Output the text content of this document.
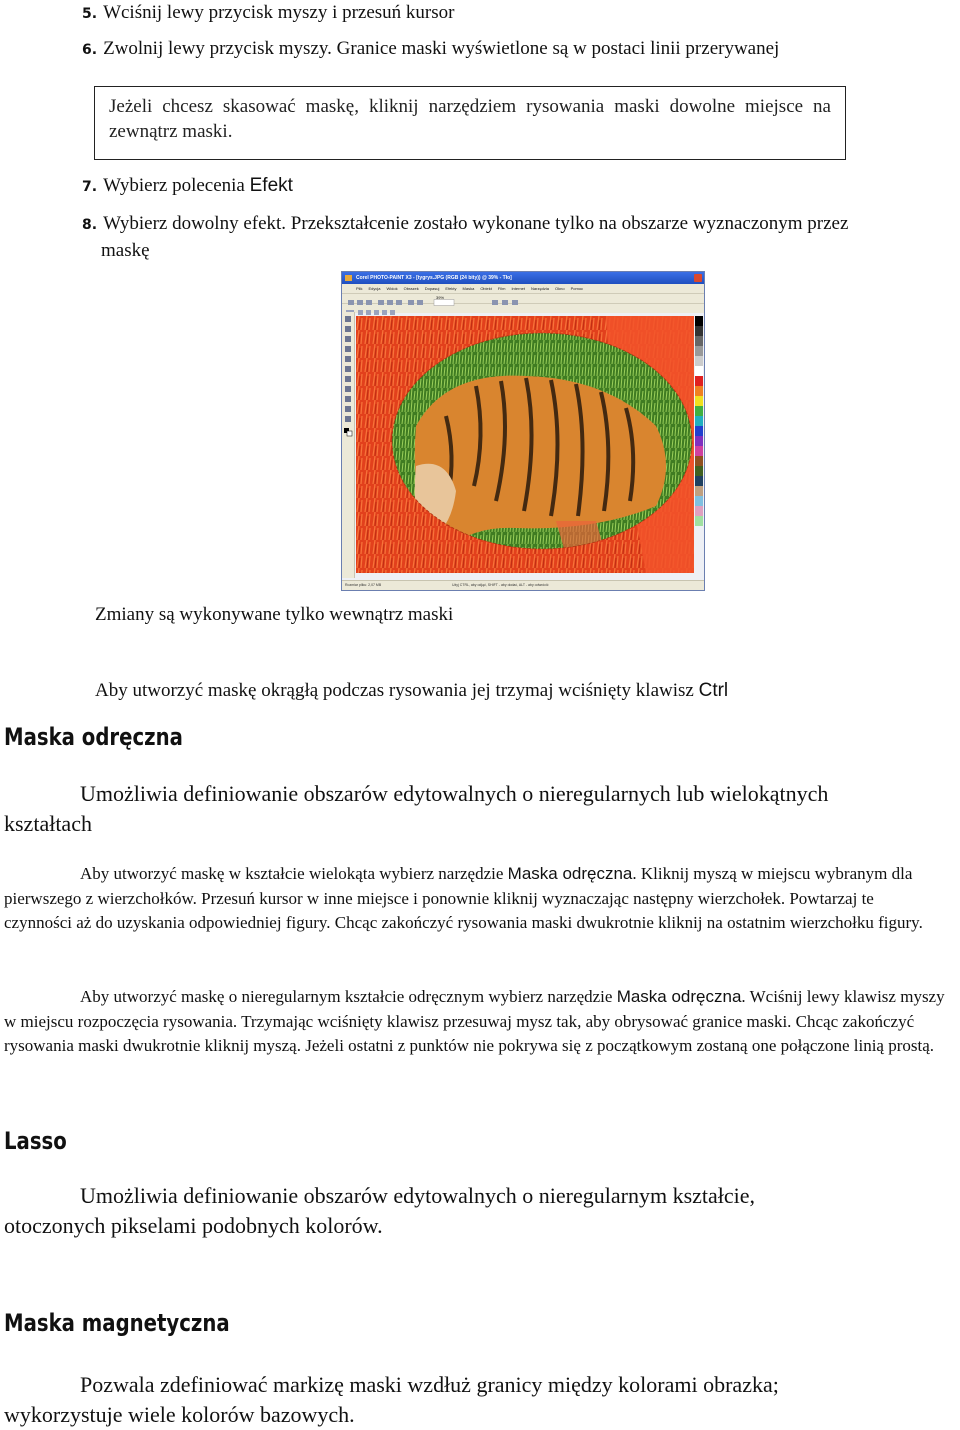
5. Wciśnij lewy przycisk myszy i przesuń kursor
6. Zwolnij lewy przycisk myszy. Granice maski wyświetlone są w postaci linii przerywanej

Jeżeli chcesz skasować maskę, kliknij narzędziem rysowania maski dowolne miejsce na zewnątrz maski.

7. Wybierz polecenia Efekt
8. Wybierz dowolny efekt. Przekształcenie zostało wykonane tylko na obszarze wyznaczonym przez
maskę
Corel PHOTO-PAINT X3 - [tygrys.JPG (RGB (24 bity)) @ 39% - Tło]
Plik Edycja Widok Obrazek Dopasuj Efekty Maska Obiekt Film Internet Narzędzia Okno Pomoc
39%
Rozmiar pliku: 2,07 MB	Użyj CTRL, aby odjąć, SHIFT - aby dodać, ALT - aby odwrócić
Zmiany są wykonywane tylko wewnątrz maski
Aby utworzyć maskę okrągłą podczas rysowania jej trzymaj wciśnięty klawisz Ctrl
Maska odręczna
Umożliwia definiowanie obszarów edytowalnych o nieregularnych lub wielokątnych
kształtach
Aby utworzyć maskę w kształcie wielokąta wybierz narzędzie Maska odręczna. Kliknij myszą w miejscu wybranym dla pierwszego z wierzchołków. Przesuń kursor w inne miejsce i ponownie kliknij wyznaczając następny wierzchołek. Powtarzaj te czynności aż do uzyskania odpowiedniej figury. Chcąc zakończyć rysowania maski dwukrotnie kliknij na ostatnim wierzchołku figury.
Aby utworzyć maskę o nieregularnym kształcie odręcznym wybierz narzędzie Maska odręczna. Wciśnij lewy klawisz myszy w miejscu rozpoczęcia rysowania. Trzymając wciśnięty klawisz przesuwaj mysz tak, aby obrysować granice maski. Chcąc zakończyć rysowania maski dwukrotnie kliknij myszą. Jeżeli ostatni z punktów nie pokrywa się z początkowym zostaną one połączone linią prostą.
Lasso
Umożliwia definiowanie obszarów edytowalnych o nieregularnym kształcie,
otoczonych pikselami podobnych kolorów.
Maska magnetyczna
Pozwala zdefiniować markizę maski wzdłuż granicy między kolorami obrazka;
wykorzystuje wiele kolorów bazowych.
